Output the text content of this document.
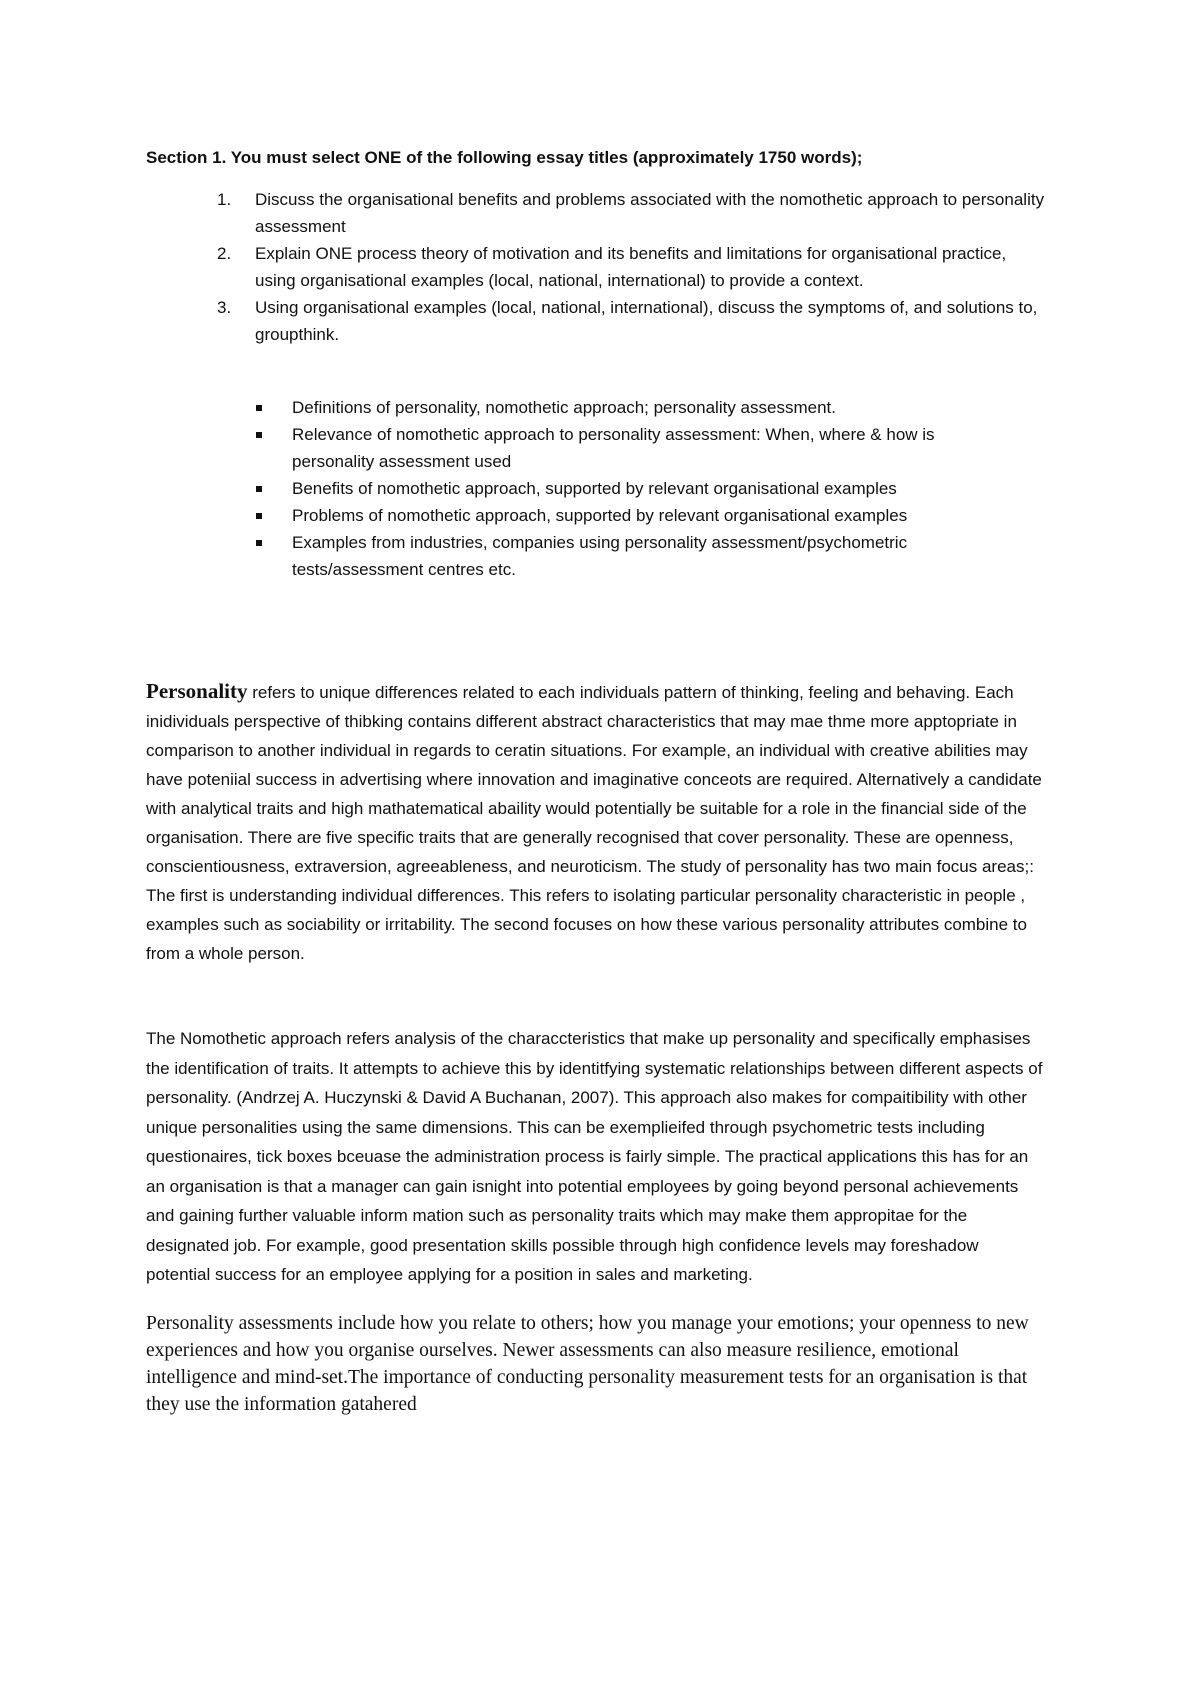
Section 1. You must select ONE of the following essay titles (approximately 1750 words);

1.	Discuss the organisational benefits and problems associated with the nomothetic approach to personality assessment
2.	Explain ONE process theory of motivation and its benefits and limitations for organisational practice, using organisational examples (local, national, international) to provide a context.
3.	Using organisational examples (local, national, international), discuss the symptoms of, and solutions to, groupthink.
Definitions of personality, nomothetic approach; personality assessment.
Relevance of nomothetic approach to personality assessment: When, where & how is personality assessment used
Benefits of nomothetic approach, supported by relevant organisational examples
Problems of nomothetic approach, supported by relevant organisational examples
Examples from industries, companies using personality assessment/psychometric tests/assessment centres etc.

Personality refers to unique differences related to each individuals pattern of thinking, feeling and behaving. Each inidividuals perspective of thibking contains different abstract characteristics that may mae thme more apptopriate in comparison to another individual in regards to ceratin situations. For example, an individual with creative abilities may have poteniial success in advertising where innovation and imaginative conceots are required. Alternatively a candidate with analytical traits and high mathatematical abaility would potentially be suitable for a role in the financial side of the organisation. There are five specific traits that are generally recognised that cover personality. These are openness, conscientiousness, extraversion, agreeableness, and neuroticism. The study of personality has two main focus areas;: The first is understanding individual differences. This refers to isolating particular personality characteristic in people , examples such as sociability or irritability. The second focuses on how these various personality attributes combine to from a whole person.

The Nomothetic approach refers analysis of the characcteristics that make up personality and specifically emphasises the identification of traits. It attempts to achieve this by identitfying systematic relationships between different aspects of personality. (Andrzej A. Huczynski & David A Buchanan, 2007). This approach also makes for compaitibility with other unique personalities using the same dimensions. This can be exemplieifed through psychometric tests including questionaires, tick boxes bceuase the administration process is fairly simple. The practical applications this has for an an organisation is that a manager can gain isnight into potential employees by going beyond personal achievements and gaining further valuable inform mation such as personality traits which may make them appropitae for the designated job. For example, good presentation skills possible through high confidence levels may foreshadow potential success for an employee applying for a position in sales and marketing.

Personality assessments include how you relate to others; how you manage your emotions; your openness to new experiences and how you organise ourselves. Newer assessments can also measure resilience, emotional intelligence and mind-set.The importance of conducting personality measurement tests for an organisation is that they use the information gatahered
